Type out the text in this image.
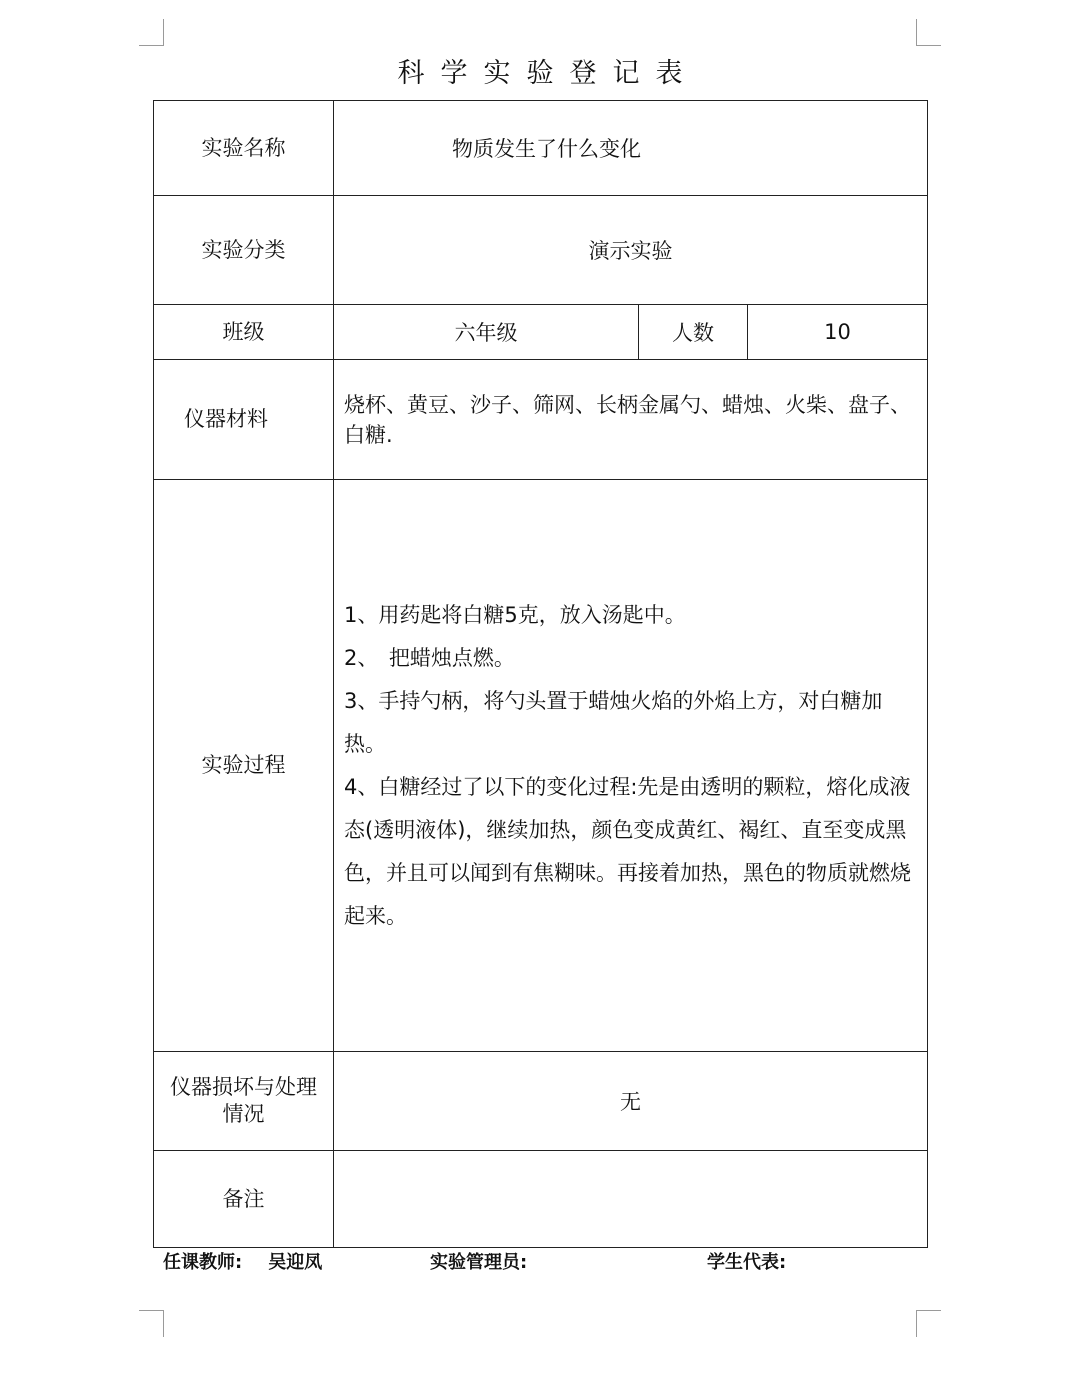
科学实验登记表
实验名称	物质发生了什么变化		
实验分类	演示实验		
班级	六年级	人数	10
仪器材料	烧杯、黄豆、沙子、筛网、长柄金属勺、蜡烛、火柴、盘子、白糖.		
实验过程	1、用药匙将白糖5克，放入汤匙中。

2、　把蜡烛点燃。

3、手持勺柄，将勺头置于蜡烛火焰的外焰上方，对白糖加热。

4、白糖经过了以下的变化过程:先是由透明的颗粒，熔化成液态(透明液体)，继续加热，颜色变成黄红、褐红、直至变成黑色，并且可以闻到有焦糊味。再接着加热，黑色的物质就燃烧起来。		

仪器损坏与处理情况	无		
备注			
任课教师: 吴迎凤	实验管理员:	学生代表:
